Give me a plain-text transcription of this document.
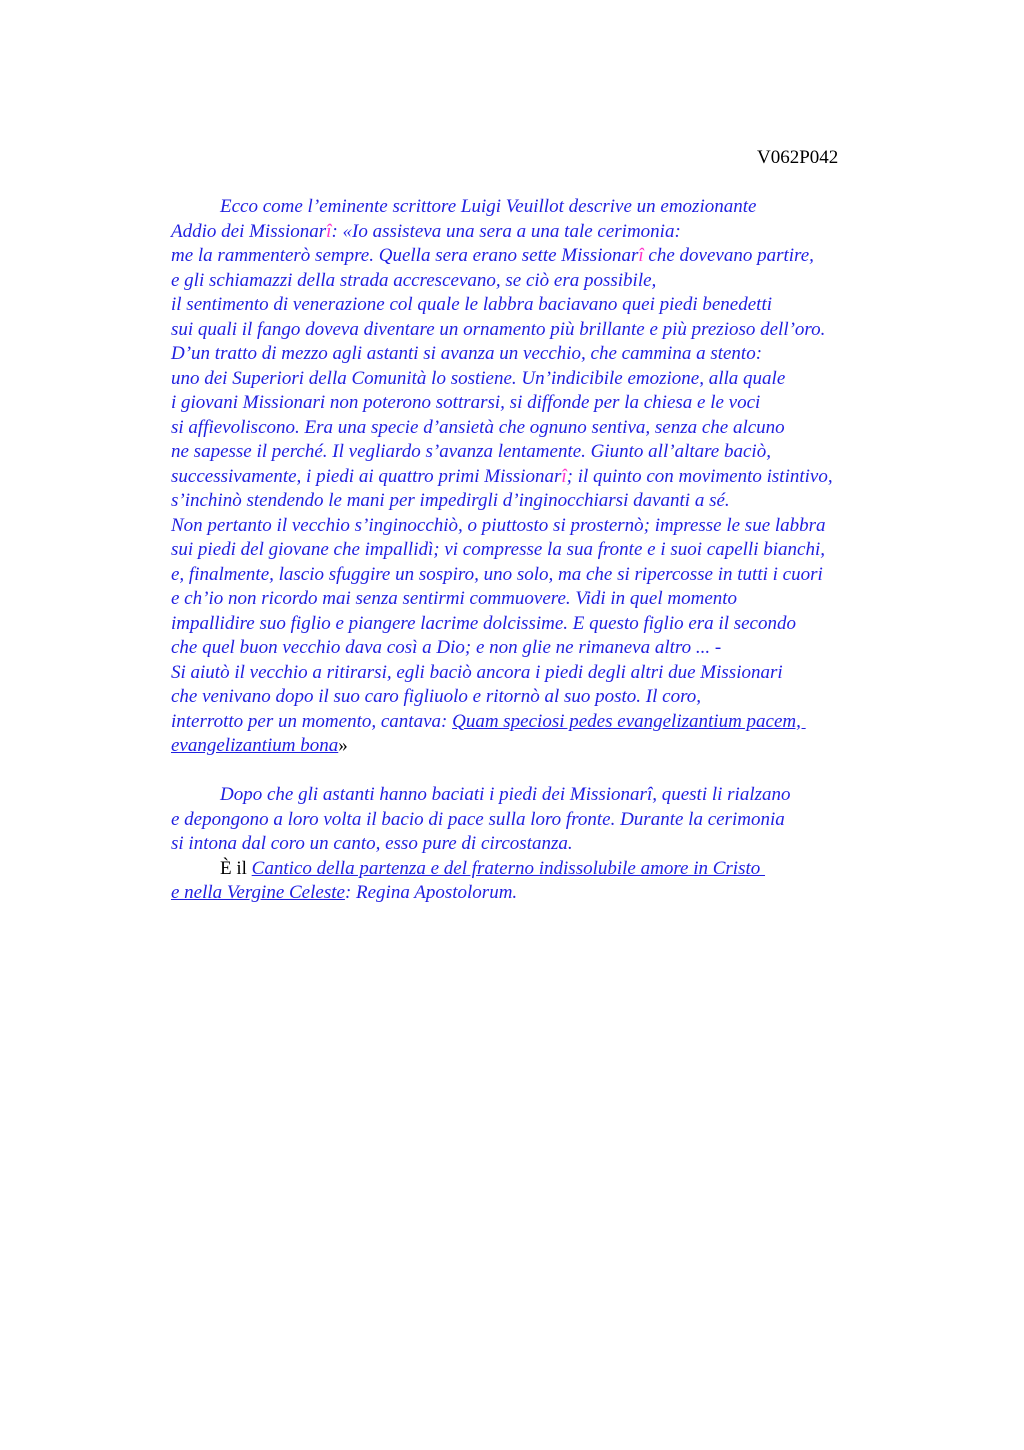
V062P042
Ecco come l’eminente scrittore Luigi Veuillot descrive un emozionante
Addio dei Missionarî: «Io assisteva una sera a una tale cerimonia:
me la rammenterò sempre. Quella sera erano sette Missionarî che dovevano partire,
e gli schiamazzi della strada accrescevano, se ciò era possibile,
il sentimento di venerazione col quale le labbra baciavano quei piedi benedetti
sui quali il fango doveva diventare un ornamento più brillante e più prezioso dell’oro.
D’un tratto di mezzo agli astanti si avanza un vecchio, che cammina a stento:
uno dei Superiori della Comunità lo sostiene. Un’indicibile emozione, alla quale
i giovani Missionari non poterono sottrarsi, si diffonde per la chiesa e le voci
si affievoliscono. Era una specie d’ansietà che ognuno sentiva, senza che alcuno
ne sapesse il perché. Il vegliardo s’avanza lentamente. Giunto all’altare baciò,
successivamente, i piedi ai quattro primi Missionarî; il quinto con movimento istintivo,
s’inchinò stendendo le mani per impedirgli d’inginocchiarsi davanti a sé.
Non pertanto il vecchio s’inginocchiò, o piuttosto si prosternò; impresse le sue labbra
sui piedi del giovane che impallidì; vi compresse la sua fronte e i suoi capelli bianchi,
e, finalmente, lascio sfuggire un sospiro, uno solo, ma che si ripercosse in tutti i cuori
e ch’io non ricordo mai senza sentirmi commuovere. Vidi in quel momento
impallidire suo figlio e piangere lacrime dolcissime. E questo figlio era il secondo
che quel buon vecchio dava così a Dio; e non glie ne rimaneva altro ... -
Si aiutò il vecchio a ritirarsi, egli baciò ancora i piedi degli altri due Missionari
che venivano dopo il suo caro figliuolo e ritornò al suo posto. Il coro,
interrotto per un momento, cantava: Quam speciosi pedes evangelizantium pacem,
evangelizantium bona»
Dopo che gli astanti hanno baciati i piedi dei Missionarî, questi li rialzano
e depongono a loro volta il bacio di pace sulla loro fronte. Durante la cerimonia
si intona dal coro un canto, esso pure di circostanza.
È il Cantico della partenza e del fraterno indissolubile amore in Cristo
e nella Vergine Celeste: Regina Apostolorum.
